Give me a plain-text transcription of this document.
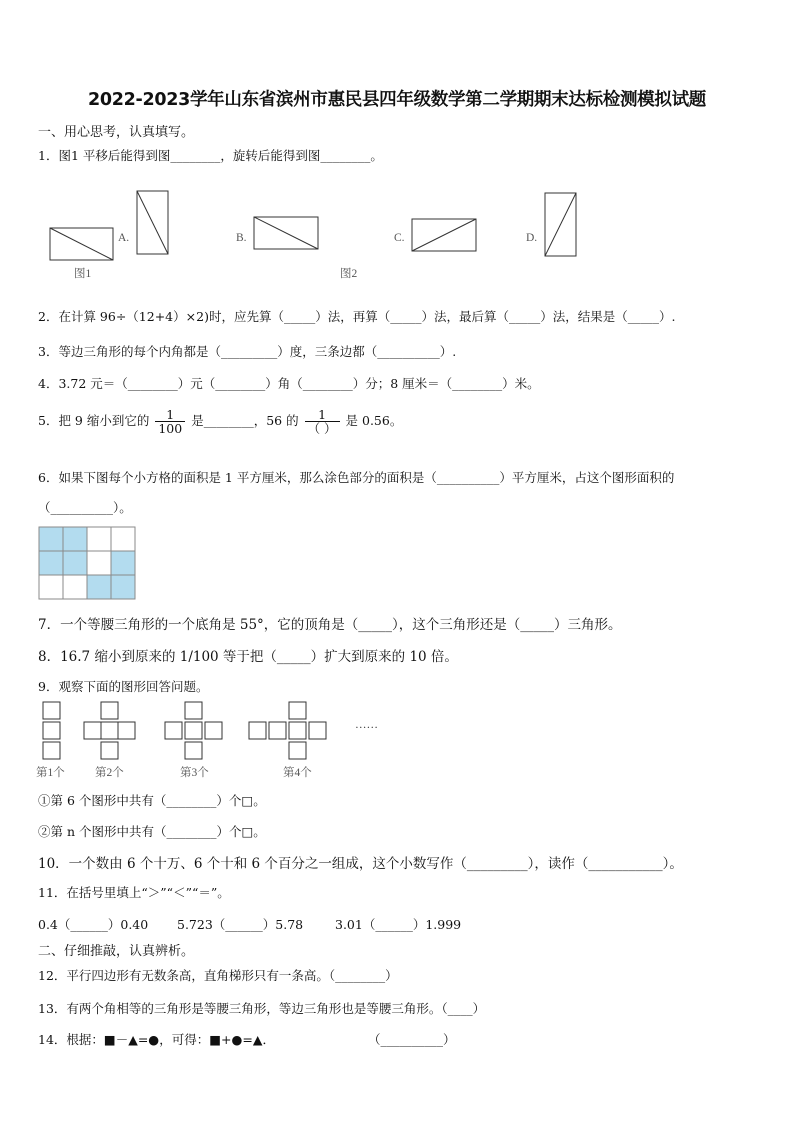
2022-2023学年山东省滨州市惠民县四年级数学第二学期期末达标检测模拟试题
一、用心思考，认真填写。
1．图1 平移后能得到图________，旋转后能得到图________。
A.	B.	C.	D.
图1	图2
2．在计算 96÷（12+4）×2)时，应先算（_____）法，再算（_____）法，最后算（_____）法，结果是（_____）.
3．等边三角形的每个内角都是（_________）度，三条边都（__________）.
4．3.72 元＝（________）元（________）角（________）分；8 厘米＝（________）米。
5．把 9 缩小到它的 $\frac{1}{100}$ 是________，56 的 $\frac{1}{( )}$ 是 0.56。
6．如果下图每个小方格的面积是 1 平方厘米，那么涂色部分的面积是（__________）平方厘米，占这个图形面积的
（__________）。
7．一个等腰三角形的一个底角是 55°，它的顶角是（_____），这个三角形还是（_____）三角形。
8．16.7 缩小到原来的 1/100 等于把（_____）扩大到原来的 10 倍。
9．观察下面的图形回答问题。
……
第1个	第2个	第3个	第4个
①第 6 个图形中共有（________）个□。
②第 n 个图形中共有（________）个□。
10．一个数由 6 个十万、6 个十和 6 个百分之一组成，这个小数写作（_________），读作（___________）。
11．在括号里填上“＞”“＜”“＝”。
0.4（______）0.40 5.723（______）5.78	3.01（______）1.999
二、仔细推敲，认真辨析。
12．平行四边形有无数条高，直角梯形只有一条高。（________）
13．有两个角相等的三角形是等腰三角形，等边三角形也是等腰三角形。（____）
14．根据：■－▲=●，可得：■+●=▲．	（__________）
